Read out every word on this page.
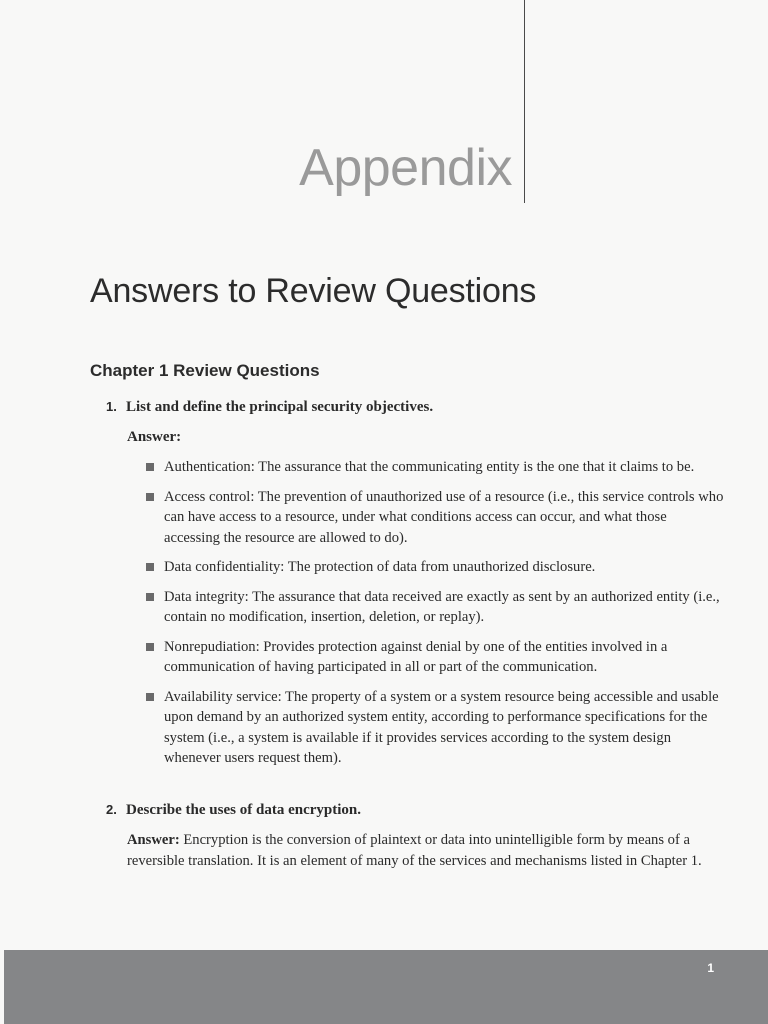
Appendix
Answers to Review Questions
Chapter 1 Review Questions
1. List and define the principal security objectives.
Answer:
Authentication: The assurance that the communicating entity is the one that it claims to be.
Access control: The prevention of unauthorized use of a resource (i.e., this service controls who can have access to a resource, under what conditions access can occur, and what those accessing the resource are allowed to do).
Data confidentiality: The protection of data from unauthorized disclosure.
Data integrity: The assurance that data received are exactly as sent by an authorized entity (i.e., contain no modification, insertion, deletion, or replay).
Nonrepudiation: Provides protection against denial by one of the entities involved in a communication of having participated in all or part of the communication.
Availability service: The property of a system or a system resource being accessible and usable upon demand by an authorized system entity, according to performance specifications for the system (i.e., a system is available if it provides services according to the system design whenever users request them).
2. Describe the uses of data encryption.
Answer: Encryption is the conversion of plaintext or data into unintelligible form by means of a reversible translation. It is an element of many of the services and mechanisms listed in Chapter 1.
1
